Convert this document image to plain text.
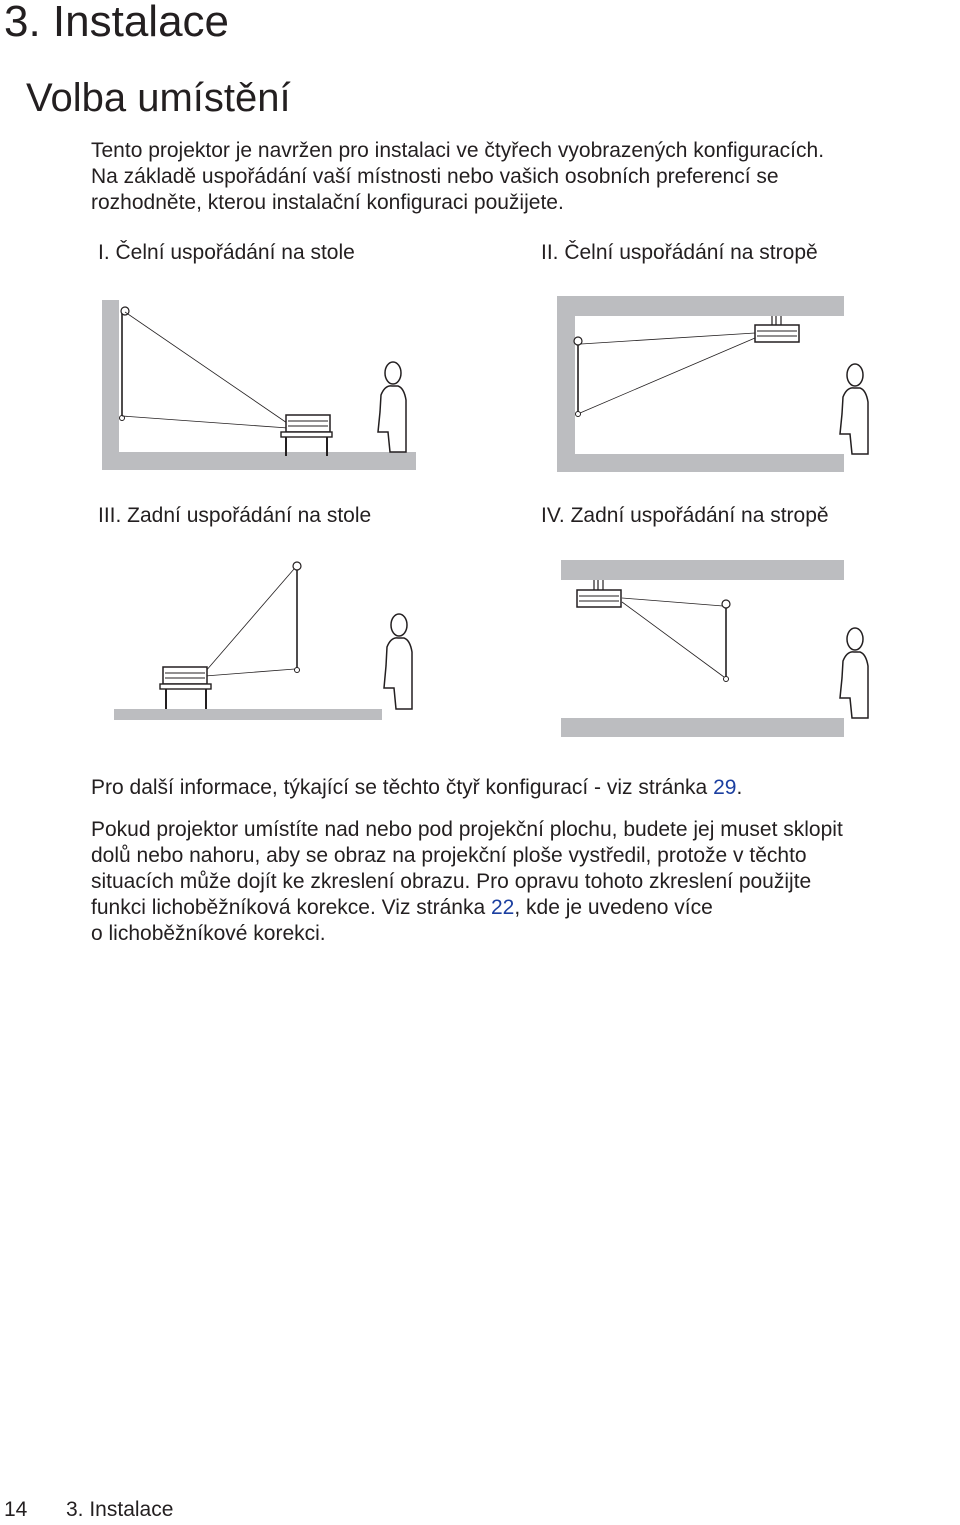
3. Instalace
Volba umístění
Tento projektor je navržen pro instalaci ve čtyřech vyobrazených konfiguracích.
Na základě uspořádání vaší místnosti nebo vašich osobních preferencí se
rozhodněte, kterou instalační konfiguraci použijete.
I. Čelní uspořádání na stole	II. Čelní uspořádání na stropě
III. Zadní uspořádání na stole	IV. Zadní uspořádání na stropě
Pro další informace, týkající se těchto čtyř konfigurací - viz stránka 29.
Pokud projektor umístíte nad nebo pod projekční plochu, budete jej muset sklopit
dolů nebo nahoru, aby se obraz na projekční ploše vystředil, protože v těchto
situacích může dojít ke zkreslení obrazu. Pro opravu tohoto zkreslení použijte
funkci lichoběžníková korekce. Viz stránka 22, kde je uvedeno více
o lichoběžníkové korekci.
14 3. Instalace
